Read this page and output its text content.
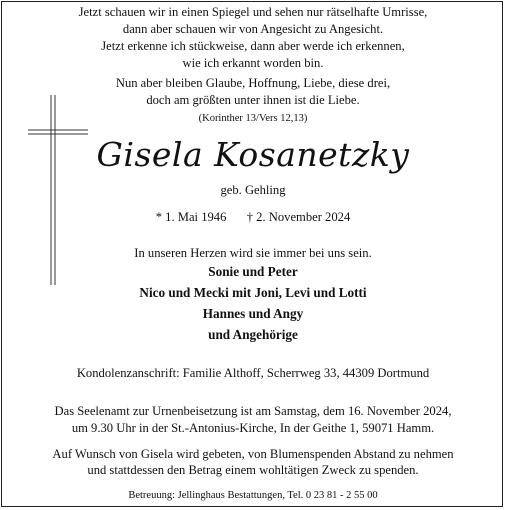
Jetzt schauen wir in einen Spiegel und sehen nur rätselhafte Umrisse,
dann aber schauen wir von Angesicht zu Angesicht.
Jetzt erkenne ich stückweise, dann aber werde ich erkennen,
wie ich erkannt worden bin.
Nun aber bleiben Glaube, Hoffnung, Liebe, diese drei,
doch am größten unter ihnen ist die Liebe.
(Korinther 13/Vers 12,13)
Gisela Kosanetzky
geb. Gehling
* 1. Mai 1946 † 2. November 2024
In unseren Herzen wird sie immer bei uns sein.
Sonie und Peter
Nico und Mecki mit Joni, Levi und Lotti
Hannes und Angy
und Angehörige
Kondolenzanschrift: Familie Althoff, Scherrweg 33, 44309 Dortmund
Das Seelenamt zur Urnenbeisetzung ist am Samstag, dem 16. November 2024,
um 9.30 Uhr in der St.-Antonius-Kirche, In der Geithe 1, 59071 Hamm.
Auf Wunsch von Gisela wird gebeten, von Blumenspenden Abstand zu nehmen
und stattdessen den Betrag einem wohltätigen Zweck zu spenden.
Betreuung: Jellinghaus Bestattungen, Tel. 0 23 81 - 2 55 00
